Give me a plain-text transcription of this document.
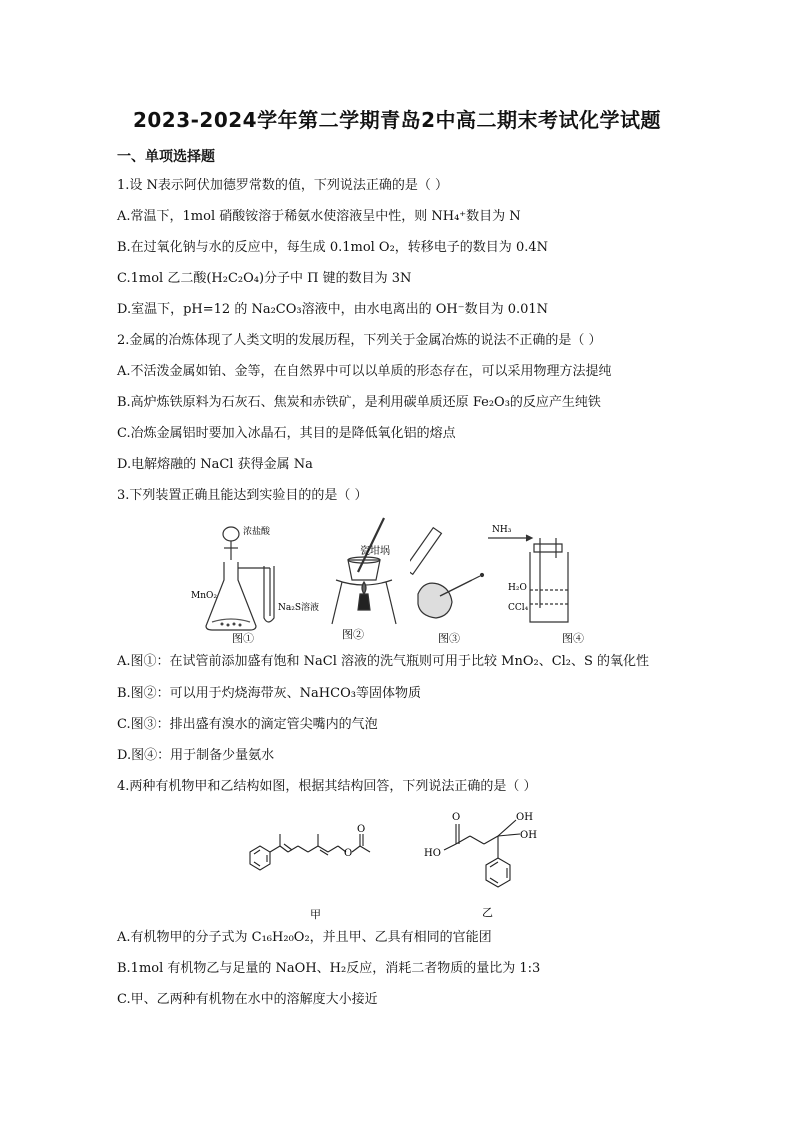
2023-2024学年第二学期青岛2中高二期末考试化学试题
一、单项选择题
1.设 N表示阿伏加德罗常数的值，下列说法正确的是（ ）
A.常温下，1mol 硝酸铵溶于稀氨水使溶液呈中性，则 NH₄⁺数目为 N
B.在过氧化钠与水的反应中，每生成 0.1mol O₂，转移电子的数目为 0.4N
C.1mol 乙二酸(H₂C₂O₄)分子中 Π 键的数目为 3N
D.室温下，pH=12 的 Na₂CO₃溶液中，由水电离出的 OH⁻数目为 0.01N
2.金属的冶炼体现了人类文明的发展历程，下列关于金属冶炼的说法不正确的是（ ）
A.不活泼金属如铂、金等，在自然界中可以以单质的形态存在，可以采用物理方法提纯
B.高炉炼铁原料为石灰石、焦炭和赤铁矿，是利用碳单质还原 Fe₂O₃的反应产生纯铁
C.冶炼金属铝时要加入冰晶石，其目的是降低氧化铝的熔点
D.电解熔融的 NaCl 获得金属 Na
3.下列装置正确且能达到实验目的的是（ ）
浓盐酸
MnO₂
Na₂S溶液
图①
瓷坩埚
图②	图③
NH₃
H₂O
CCl₄
图④
A.图①：在试管前添加盛有饱和 NaCl 溶液的洗气瓶则可用于比较 MnO₂、Cl₂、S 的氧化性
B.图②：可以用于灼烧海带灰、NaHCO₃等固体物质
C.图③：排出盛有溴水的滴定管尖嘴内的气泡
D.图④：用于制备少量氨水
4.两种有机物甲和乙结构如图，根据其结构回答，下列说法正确的是（ ）
O
O
甲
O
HO
OH
OH
乙
A.有机物甲的分子式为 C₁₆H₂₀O₂，并且甲、乙具有相同的官能团
B.1mol 有机物乙与足量的 NaOH、H₂反应，消耗二者物质的量比为 1:3
C.甲、乙两种有机物在水中的溶解度大小接近
